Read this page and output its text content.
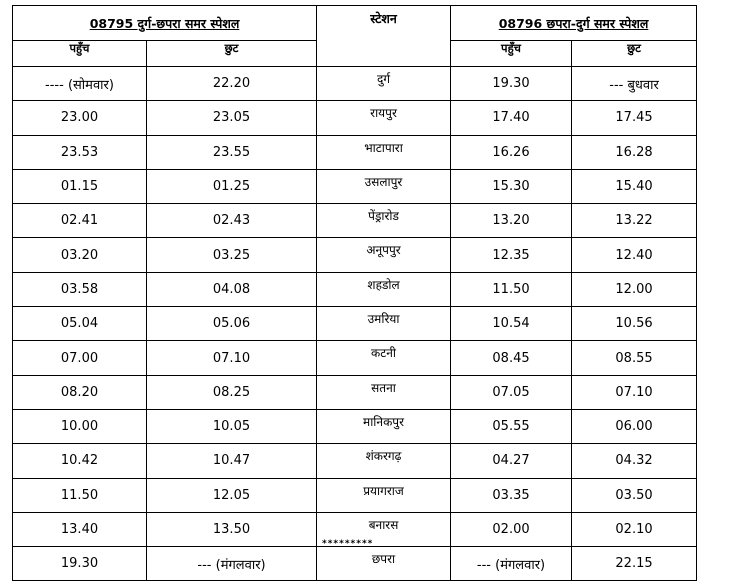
08795 दुर्ग-छपरा समर स्पेशल		स्टेशन	08796 छपरा-दुर्ग समर स्पेशल	
पहुँच	छुट		पहुँच	छुट
---- (सोमवार)	22.20	दुर्ग	19.30	--- बुधवार
23.00	23.05	रायपुर	17.40	17.45
23.53	23.55	भाटापारा	16.26	16.28
01.15	01.25	उसलापुर	15.30	15.40
02.41	02.43	पेंड्रारोड	13.20	13.22
03.20	03.25	अनूपपुर	12.35	12.40
03.58	04.08	शहडोल	11.50	12.00
05.04	05.06	उमरिया	10.54	10.56
07.00	07.10	कटनी	08.45	08.55
08.20	08.25	सतना	07.05	07.10
10.00	10.05	मानिकपुर	05.55	06.00
10.42	10.47	शंकरगढ़	04.27	04.32
11.50	12.05	प्रयागराज	03.35	03.50
13.40	13.50	बनारस	02.00	02.10
19.30	--- (मंगलवार)	छपरा	--- (मंगलवार)	22.15
*********
